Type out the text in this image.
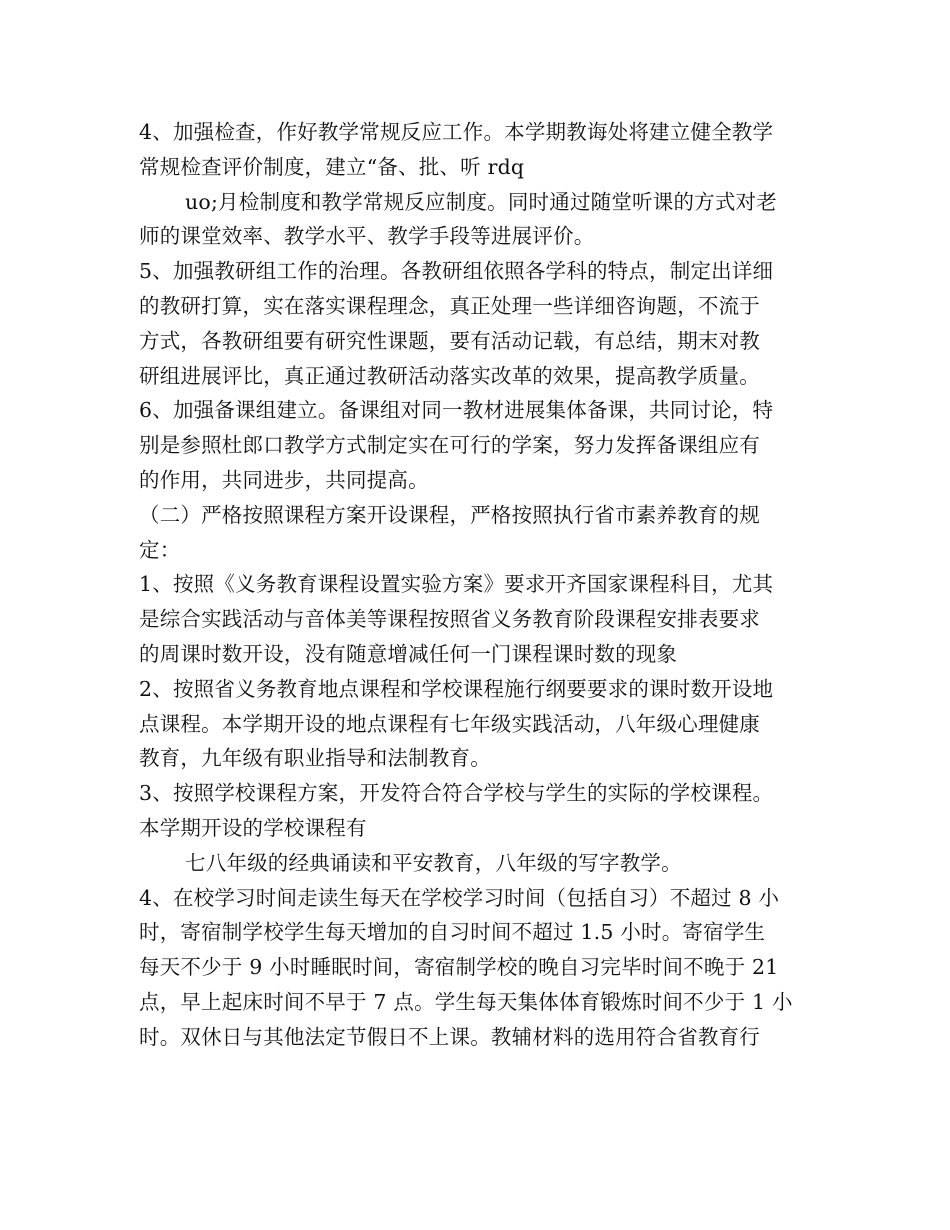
4、加强检查，作好教学常规反应工作。本学期教诲处将建立健全教学
常规检查评价制度，建立“备、批、听 rdq
uo;月检制度和教学常规反应制度。同时通过随堂听课的方式对老
师的课堂效率、教学水平、教学手段等进展评价。
5、加强教研组工作的治理。各教研组依照各学科的特点，制定出详细
的教研打算，实在落实课程理念，真正处理一些详细咨询题，不流于
方式，各教研组要有研究性课题，要有活动记载，有总结，期末对教
研组进展评比，真正通过教研活动落实改革的效果，提高教学质量。
6、加强备课组建立。备课组对同一教材进展集体备课，共同讨论，特
别是参照杜郎口教学方式制定实在可行的学案，努力发挥备课组应有
的作用，共同进步，共同提高。
（二）严格按照课程方案开设课程，严格按照执行省市素养教育的规
定：
1、按照《义务教育课程设置实验方案》要求开齐国家课程科目，尤其
是综合实践活动与音体美等课程按照省义务教育阶段课程安排表要求
的周课时数开设，没有随意增减任何一门课程课时数的现象
2、按照省义务教育地点课程和学校课程施行纲要要求的课时数开设地
点课程。本学期开设的地点课程有七年级实践活动，八年级心理健康
教育，九年级有职业指导和法制教育。
3、按照学校课程方案，开发符合符合学校与学生的实际的学校课程。
本学期开设的学校课程有
七八年级的经典诵读和平安教育，八年级的写字教学。
4、在校学习时间走读生每天在学校学习时间（包括自习）不超过 8 小
时，寄宿制学校学生每天增加的自习时间不超过 1.5 小时。寄宿学生
每天不少于 9 小时睡眠时间，寄宿制学校的晚自习完毕时间不晚于 21
点，早上起床时间不早于 7 点。学生每天集体体育锻炼时间不少于 1 小
时。双休日与其他法定节假日不上课。教辅材料的选用符合省教育行
